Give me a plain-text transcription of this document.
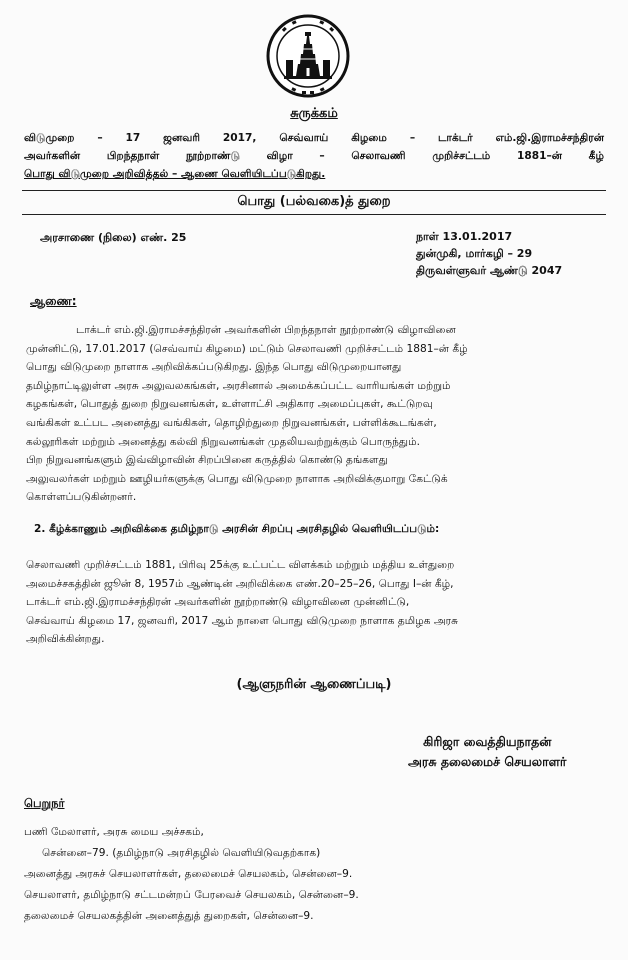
சுருக்கம்
விடுமுறை – 17 ஜனவரி 2017, செவ்வாய் கிழமை – டாக்டர் எம்.ஜி.இராமச்சந்திரன்
அவர்களின் பிறந்தநாள் நூற்றாண்டு விழா – செலாவணி முறிச்சட்டம் 1881–ன் கீழ்
பொது விடுமுறை அறிவித்தல் – ஆணை வெளியிடப்படுகிறது.
பொது (பல்வகை)த் துறை
அரசாணை (நிலை) எண். 25	நாள் 13.01.2017
துன்முகி, மார்கழி – 29
திருவள்ளுவர் ஆண்டு 2047
ஆணை:
டாக்டர் எம்.ஜி.இராமச்சந்திரன் அவர்களின் பிறந்தநாள் நூற்றாண்டு விழாவினை
முன்னிட்டு, 17.01.2017 (செவ்வாய் கிழமை) மட்டும் செலாவணி முறிச்சட்டம் 1881–ன் கீழ்
பொது விடுமுறை நாளாக அறிவிக்கப்படுகிறது. இந்த பொது விடுமுறையானது
தமிழ்நாட்டிலுள்ள அரசு அலுவலகங்கள், அரசினால் அமைக்கப்பட்ட வாரியங்கள் மற்றும்
கழகங்கள், பொதுத் துறை நிறுவனங்கள், உள்ளாட்சி அதிகார அமைப்புகள், கூட்டுறவு
வங்கிகள் உட்பட அனைத்து வங்கிகள், தொழிற்துறை நிறுவனங்கள், பள்ளிக்கூடங்கள்,
கல்லூரிகள் மற்றும் அனைத்து கல்வி நிறுவனங்கள் முதலியவற்றுக்கும் பொருந்தும்.
பிற நிறுவனங்களும் இவ்விழாவின் சிறப்பினை கருத்தில் கொண்டு தங்களது
அலுவலர்கள் மற்றும் ஊழியர்களுக்கு பொது விடுமுறை நாளாக அறிவிக்குமாறு கேட்டுக்
கொள்ளப்படுகின்றனர்.
2. கீழ்க்காணும் அறிவிக்கை தமிழ்நாடு அரசின் சிறப்பு அரசிதழில் வெளியிடப்படும்:
செலாவணி முறிச்சட்டம் 1881, பிரிவு 25க்கு உட்பட்ட விளக்கம் மற்றும் மத்திய உள்துறை
அமைச்சகத்தின் ஜூன் 8, 1957ம் ஆண்டின் அறிவிக்கை எண்.20–25–26, பொது I–ன் கீழ்,
டாக்டர் எம்.ஜி.இராமச்சந்திரன் அவர்களின் நூற்றாண்டு விழாவினை முன்னிட்டு,
செவ்வாய் கிழமை 17, ஜனவரி, 2017 ஆம் நாளை பொது விடுமுறை நாளாக தமிழக அரசு
அறிவிக்கின்றது.
(ஆளுநரின் ஆணைப்படி)
கிரிஜா வைத்தியநாதன்
அரசு தலைமைச் செயலாளர்
பெறுநர்
பணி மேலாளர், அரசு மைய அச்சகம்,
சென்னை–79. (தமிழ்நாடு அரசிதழில் வெளியிடுவதற்காக)
அனைத்து அரசுச் செயலாளர்கள், தலைமைச் செயலகம், சென்னை–9.
செயலாளர், தமிழ்நாடு சட்டமன்றப் பேரவைச் செயலகம், சென்னை–9.
தலைமைச் செயலகத்தின் அனைத்துத் துறைகள், சென்னை–9.
